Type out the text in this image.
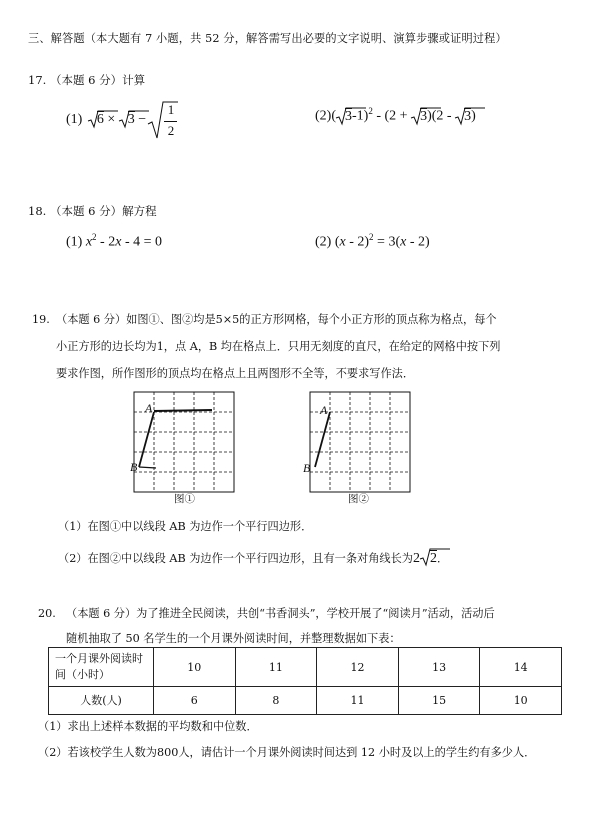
三、解答题（本大题有 7 小题，共 52 分，解答需写出必要的文字说明、演算步骤或证明过程）
17. （本题 6 分）计算
(1) 6 × 3 −
1
2
(2)( 3-1)$^2$ - (2 +
3)(2 -
3)
18. （本题 6 分）解方程
(1) $x^2 - 2x - 4 = 0$	(2) (x - 2)$^2$ = 3(x - 2)
19. （本题 6 分）如图①、图②均是5×5的正方形网格，每个小正方形的顶点称为格点，每个
小正方形的边长均为1，点 A，B 均在格点上．只用无刻度的直尺，在给定的网格中按下列
要求作图，所作图形的顶点均在格点上且两图形不全等，不要求写作法．
A
B
图①
A
B
图②
（1）在图①中以线段 AB 为边作一个平行四边形．
（2）在图②中以线段 AB 为边作一个平行四边形，且有一条对角线长为2 2．
20. （本题 6 分）为了推进全民阅读，共创“书香洞头”，学校开展了“阅读月”活动，活动后
随机抽取了 50 名学生的一个月课外阅读时间，并整理数据如下表：
一个月课外阅读时间（小时）	10	11	12	13	14
人数(人)	6	8	11	15	10
（1）求出上述样本数据的平均数和中位数．
（2）若该校学生人数为800人，请估计一个月课外阅读时间达到 12 小时及以上的学生约有多少人．
